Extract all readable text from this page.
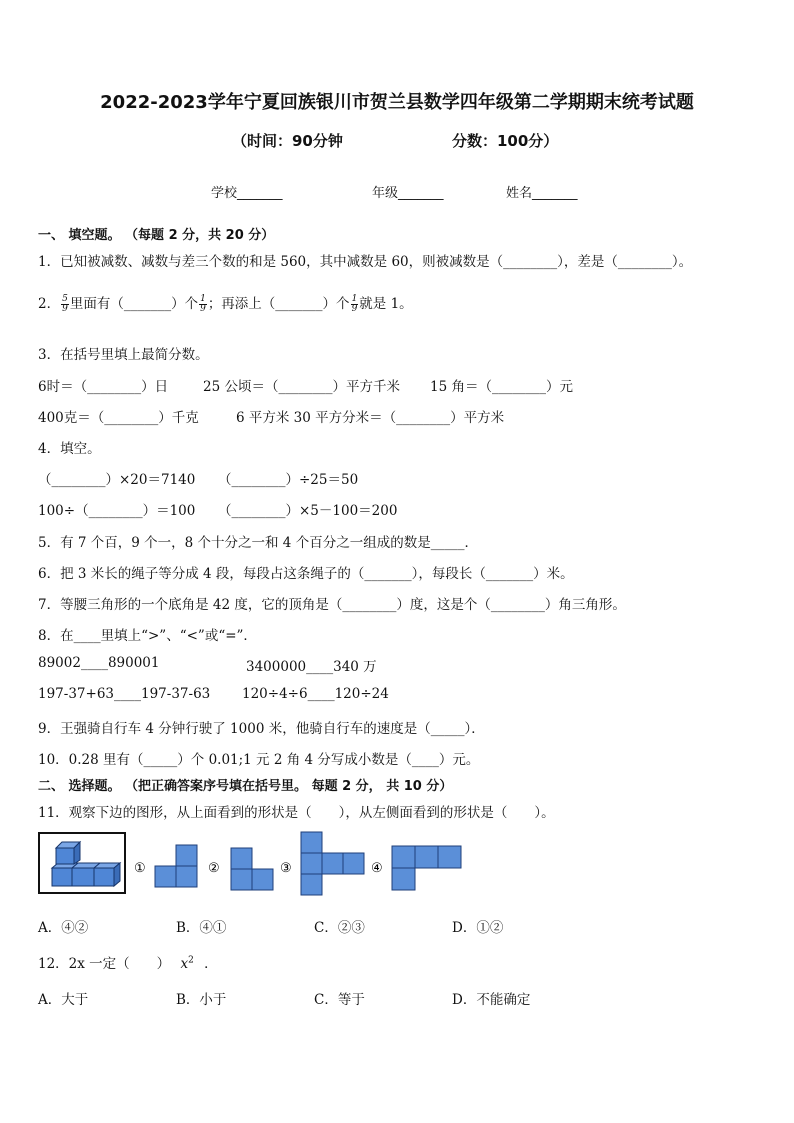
2022-2023学年宁夏回族银川市贺兰县数学四年级第二学期期末统考试题
（时间：90分钟	分数：100分）
学校_______	年级_______	姓名_______
一、 填空题。 （每题 2 分，共 20 分）
1．已知被减数、减数与差三个数的和是 560，其中减数是 60，则被减数是（________），差是（________）。
2． $\frac{5}{9}$ 里面有（_______）个 $\frac{1}{9}$ ；再添上（_______）个 $\frac{1}{9}$ 就是 1。
3．在括号里填上最简分数。
6时＝（________）日	25 公顷＝（________）平方千米 15 角＝（________）元
400克＝（________）千克	6 平方米 30 平方分米＝（________）平方米
4．填空。
（________）×20＝7140 （________）÷25＝50
100÷（________）＝100 （________）×5－100＝200
5．有 7 个百，9 个一，8 个十分之一和 4 个百分之一组成的数是_____．
6．把 3 米长的绳子等分成 4 段，每段占这条绳子的（_______），每段长（_______）米。
7．等腰三角形的一个底角是 42 度，它的顶角是（________）度，这是个（________）角三角形。
8．在____里填上“>”、“<”或“=”．
89002____890001	3400000____340 万
197-37+63____197-37-63 120÷4÷6____120÷24
9．王强骑自行车 4 分钟行驶了 1000 米，他骑自行车的速度是（_____）．
10．0.28 里有（_____）个 0.01;1 元 2 角 4 分写成小数是（____）元。
二、 选择题。 （把正确答案序号填在括号里。 每题 2 分， 共 10 分）
11．观察下边的图形，从上面看到的形状是（　　），从左侧面看到的形状是（　　）。
①	②	③	④
A．④②	B．④①	C．②③	D．①②
12．2x 一定（　　） $x^2$ ．
A．大于	B．小于	C．等于	D．不能确定
